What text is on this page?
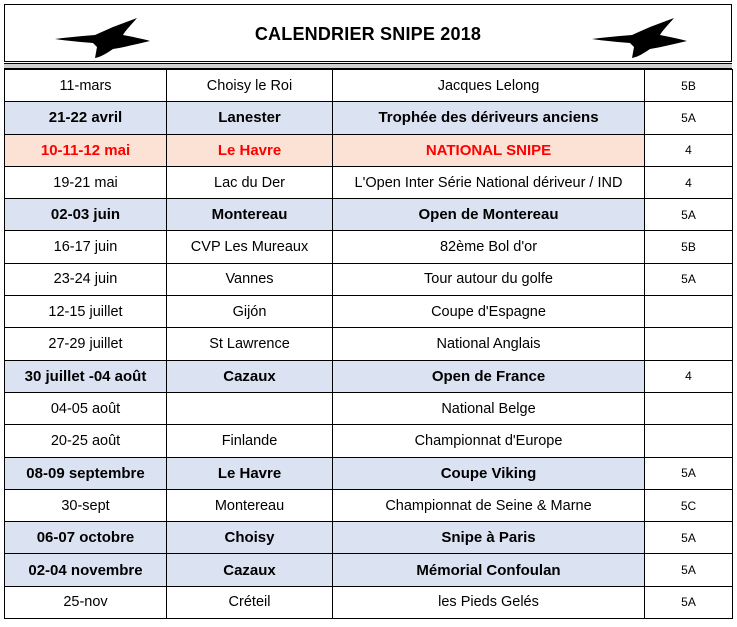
CALENDRIER SNIPE 2018
11-mars	Choisy le Roi	Jacques Lelong	5B
21-22 avril	Lanester	Trophée des dériveurs anciens	5A
10-11-12 mai	Le Havre	NATIONAL SNIPE	4
19-21 mai	Lac du Der	L'Open Inter Série National dériveur / IND	4
02-03 juin	Montereau	Open de Montereau	5A
16-17 juin	CVP Les Mureaux	82ème Bol d'or	5B
23-24 juin	Vannes	Tour autour du golfe	5A
12-15 juillet	Gijón	Coupe d'Espagne	
27-29 juillet	St Lawrence	National Anglais	
30 juillet -04 août	Cazaux	Open de France	4
04-05 août		National Belge	
20-25 août	Finlande	Championnat d'Europe	
08-09 septembre	Le Havre	Coupe Viking	5A
30-sept	Montereau	Championnat de Seine & Marne	5C
06-07 octobre	Choisy	Snipe à Paris	5A
02-04 novembre	Cazaux	Mémorial Confoulan	5A
25-nov	Créteil	les Pieds Gelés	5A
